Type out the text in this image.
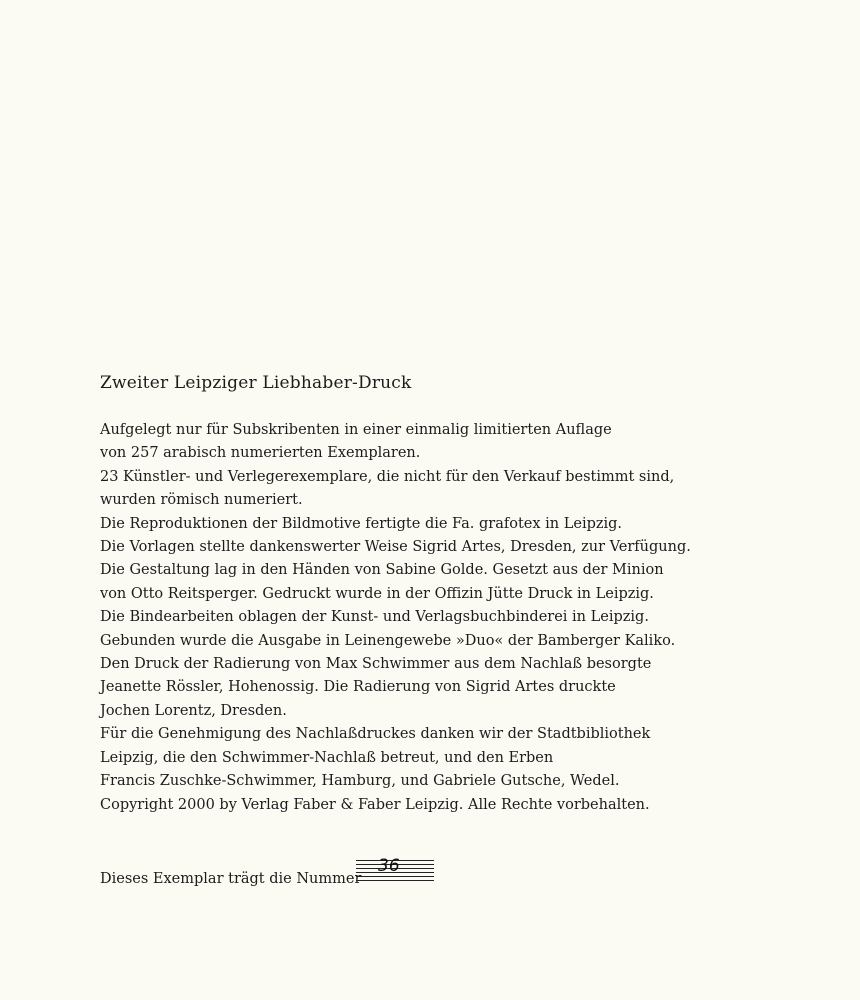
Zweiter Leipziger Liebhaber-Druck
Aufgelegt nur für Subskribenten in einer einmalig limitierten Auflage
von 257 arabisch numerierten Exemplaren.
23 Künstler- und Verlegerexemplare, die nicht für den Verkauf bestimmt sind,
wurden römisch numeriert.
Die Reproduktionen der Bildmotive fertigte die Fa. grafotex in Leipzig.
Die Vorlagen stellte dankenswerter Weise Sigrid Artes, Dresden, zur Verfügung.
Die Gestaltung lag in den Händen von Sabine Golde. Gesetzt aus der Minion
von Otto Reitsperger. Gedruckt wurde in der Offizin Jütte Druck in Leipzig.
Die Bindearbeiten oblagen der Kunst- und Verlagsbuchbinderei in Leipzig.
Gebunden wurde die Ausgabe in Leinengewebe »Duo« der Bamberger Kaliko.
Den Druck der Radierung von Max Schwimmer aus dem Nachlaß besorgte
Jeanette Rössler, Hohenossig. Die Radierung von Sigrid Artes druckte
Jochen Lorentz, Dresden.
Für die Genehmigung des Nachlaßdruckes danken wir der Stadtbibliothek
Leipzig, die den Schwimmer-Nachlaß betreut, und den Erben
Francis Zuschke-Schwimmer, Hamburg, und Gabriele Gutsche, Wedel.
Copyright 2000 by Verlag Faber & Faber Leipzig. Alle Rechte vorbehalten.
Dieses Exemplar trägt die Nummer
36
